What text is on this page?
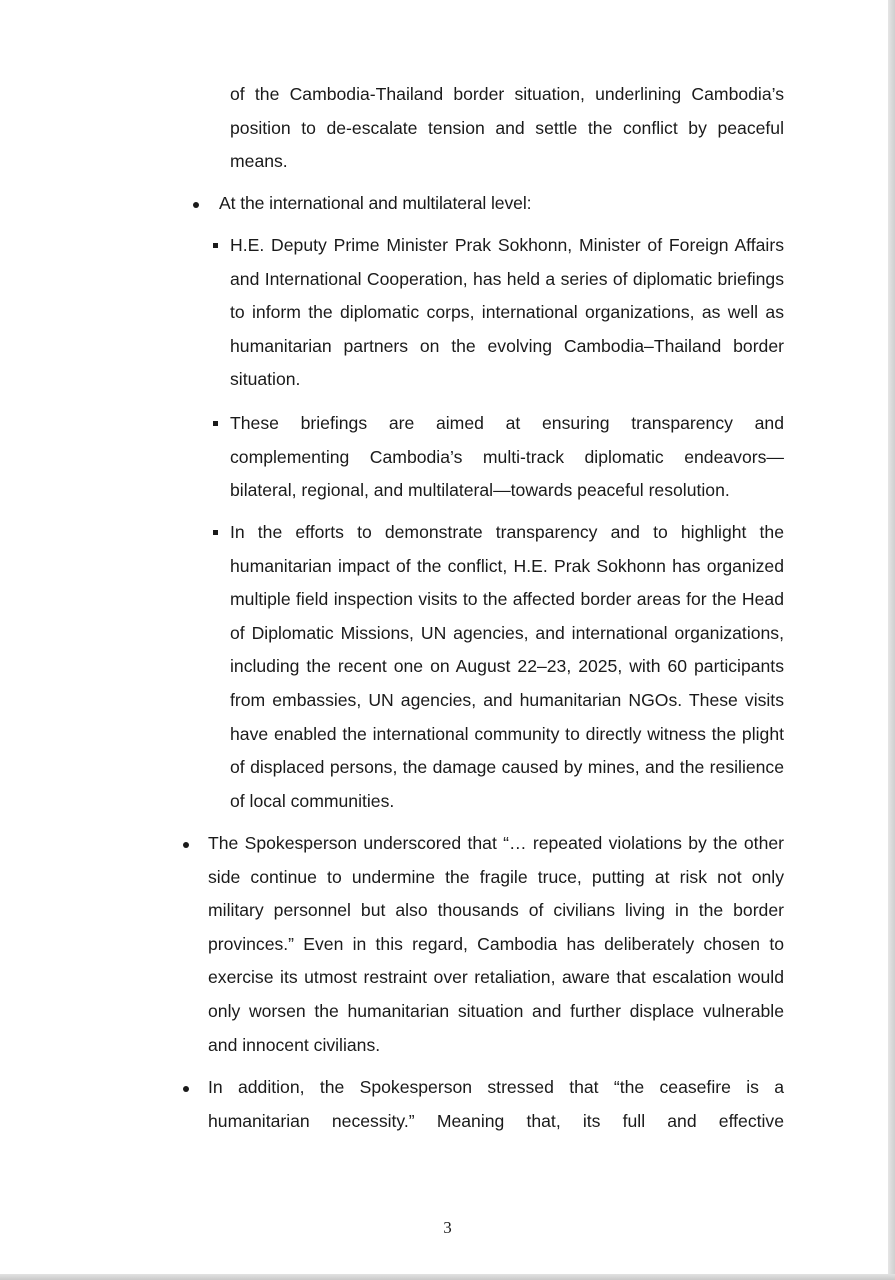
of the Cambodia-Thailand border situation, underlining Cambodia’s position to de-escalate tension and settle the conflict by peaceful means.

At the international and multilateral level:

H.E. Deputy Prime Minister Prak Sokhonn, Minister of Foreign Affairs and International Cooperation, has held a series of diplomatic briefings to inform the diplomatic corps, international organizations, as well as humanitarian partners on the evolving Cambodia–Thailand border situation.

These briefings are aimed at ensuring transparency and complementing Cambodia’s multi-track diplomatic endeavors—bilateral, regional, and multilateral—towards peaceful resolution.

In the efforts to demonstrate transparency and to highlight the humanitarian impact of the conflict, H.E. Prak Sokhonn has organized multiple field inspection visits to the affected border areas for the Head of Diplomatic Missions, UN agencies, and international organizations, including the recent one on August 22–23, 2025, with 60 participants from embassies, UN agencies, and humanitarian NGOs. These visits have enabled the international community to directly witness the plight of displaced persons, the damage caused by mines, and the resilience of local communities.

The Spokesperson underscored that “… repeated violations by the other side continue to undermine the fragile truce, putting at risk not only military personnel but also thousands of civilians living in the border provinces.” Even in this regard, Cambodia has deliberately chosen to exercise its utmost restraint over retaliation, aware that escalation would only worsen the humanitarian situation and further displace vulnerable and innocent civilians.

In addition, the Spokesperson stressed that “the ceasefire is a humanitarian necessity.” Meaning that, its full and effective

3
